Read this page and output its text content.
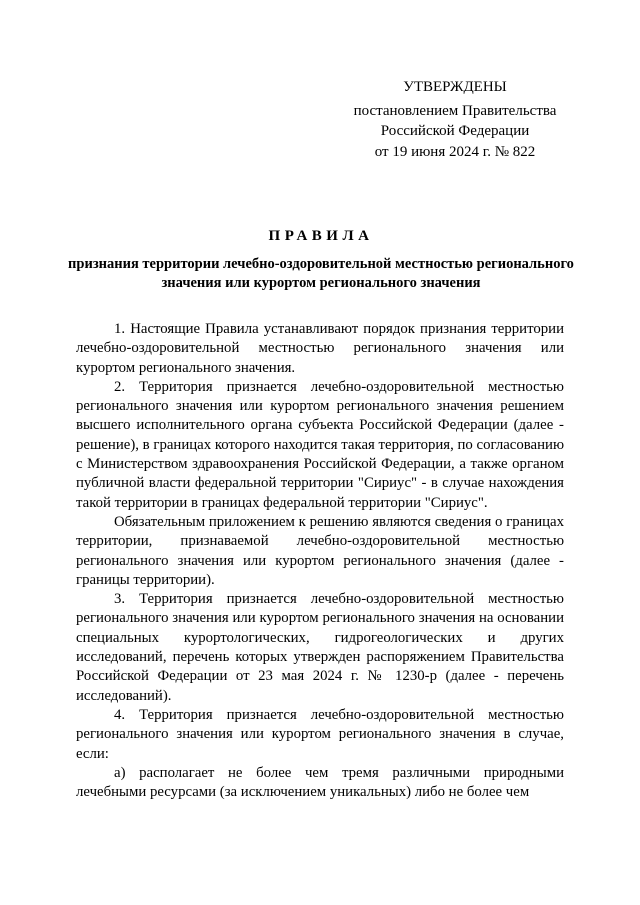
УТВЕРЖДЕНЫ
постановлением Правительства
Российской Федерации
от 19 июня 2024 г. № 822
ПРАВИЛА
признания территории лечебно-оздоровительной местностью регионального значения или курортом регионального значения

1. Настоящие Правила устанавливают порядок признания территории лечебно-оздоровительной местностью регионального значения или курортом регионального значения.

2. Территория признается лечебно-оздоровительной местностью регионального значения или курортом регионального значения решением высшего исполнительного органа субъекта Российской Федерации (далее - решение), в границах которого находится такая территория, по согласованию с Министерством здравоохранения Российской Федерации, а также органом публичной власти федеральной территории "Сириус" - в случае нахождения такой территории в границах федеральной территории "Сириус".

Обязательным приложением к решению являются сведения о границах территории, признаваемой лечебно-оздоровительной местностью регионального значения или курортом регионального значения (далее - границы территории).

3. Территория признается лечебно-оздоровительной местностью регионального значения или курортом регионального значения на основании специальных курортологических, гидрогеологических и других исследований, перечень которых утвержден распоряжением Правительства Российской Федерации от 23 мая 2024 г. № 1230-р (далее - перечень исследований).

4. Территория признается лечебно-оздоровительной местностью регионального значения или курортом регионального значения в случае, если:

а) располагает не более чем тремя различными природными лечебными ресурсами (за исключением уникальных) либо не более чем
